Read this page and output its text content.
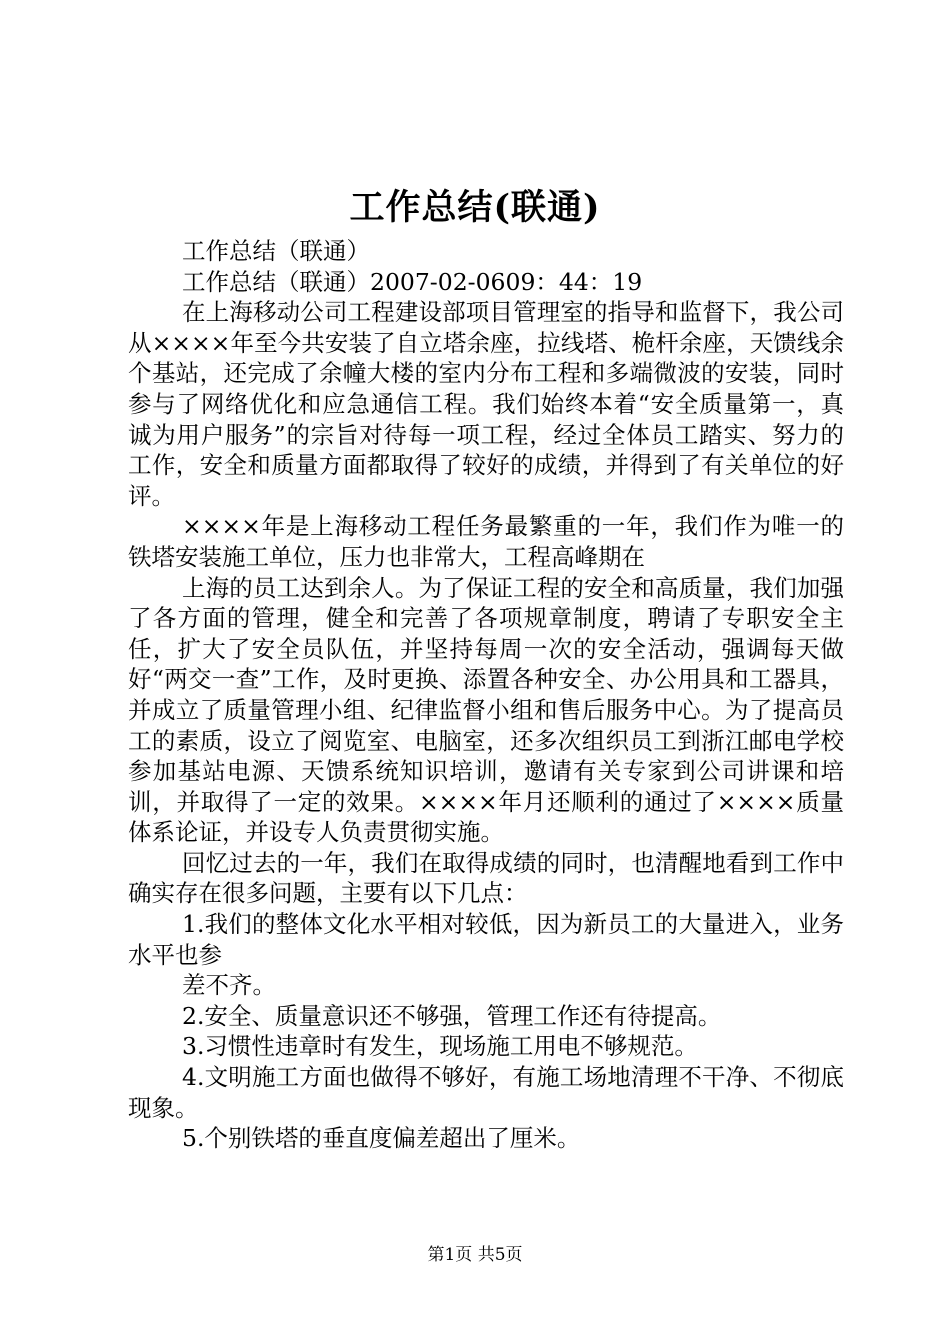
工作总结(联通)

工作总结（联通）

工作总结（联通）2007-02-0609：44：19

在上海移动公司工程建设部项目管理室的指导和监督下，我公司从××××年至今共安装了自立塔余座，拉线塔、桅杆余座，天馈线余个基站，还完成了余幢大楼的室内分布工程和多端微波的安装，同时参与了网络优化和应急通信工程。我们始终本着“安全质量第一，真诚为用户服务”的宗旨对待每一项工程，经过全体员工踏实、努力的工作，安全和质量方面都取得了较好的成绩，并得到了有关单位的好评。

××××年是上海移动工程任务最繁重的一年，我们作为唯一的铁塔安装施工单位，压力也非常大，工程高峰期在

上海的员工达到余人。为了保证工程的安全和高质量，我们加强了各方面的管理，健全和完善了各项规章制度，聘请了专职安全主任，扩大了安全员队伍，并坚持每周一次的安全活动，强调每天做好“两交一查”工作，及时更换、添置各种安全、办公用具和工器具，并成立了质量管理小组、纪律监督小组和售后服务中心。为了提高员工的素质，设立了阅览室、电脑室，还多次组织员工到浙江邮电学校参加基站电源、天馈系统知识培训，邀请有关专家到公司讲课和培训，并取得了一定的效果。××××年月还顺利的通过了××××质量体系论证，并设专人负责贯彻实施。

回忆过去的一年，我们在取得成绩的同时，也清醒地看到工作中确实存在很多问题，主要有以下几点：

1.我们的整体文化水平相对较低，因为新员工的大量进入，业务水平也参

差不齐。

2.安全、质量意识还不够强，管理工作还有待提高。

3.习惯性违章时有发生，现场施工用电不够规范。

4.文明施工方面也做得不够好，有施工场地清理不干净、不彻底现象。

5.个别铁塔的垂直度偏差超出了厘米。

第1页 共5页
